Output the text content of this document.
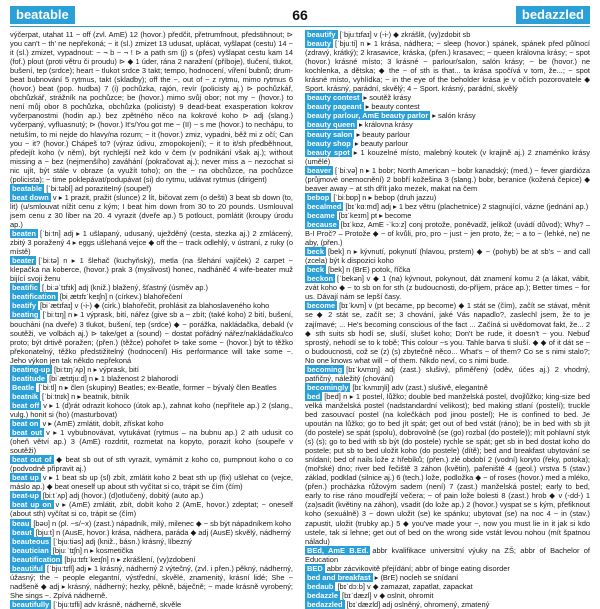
beatable	66	bedazzled

výčerpat, utahat 11 ~ off (zvl. AmE) 12 (hovor.) předčit, přetrumfnout, předstihnout; ⊳ you can't ~ th' ne nepřekoná; ~ it (sl.) zmizet 13 udusat, uplácat, vyšlapat (cestu) 14 ~ it (sl.) zmizet, vypadnout: ~ ¬ b ~ ¬ ! ⊳ a path sm (j) s (přes) vyšlapat cestu kam 14 (fof.) plout (proti větru či proudu) ⊳ ◆ 1 úder, rána 2 naražení (příboje), tlučení, tlukot, bušení, tep (srdce); heart ~ tlukot srdce 3 takt; tempo, hodnocení, víření bubnů; drum-beat bubnování 5 rytmus, takt (skladby); off the ~, out of ~ z rytmu, mimo rytmus 6 (hovor.) beat (pop. hudba) 7 (i) pochůzka, rajón, revír (policisty aj.) ⊳ pochůzkář, obchůzkář, strážník na pochůzce; be (hovor.) mimo svůj obor; not my ~ (hovor.) to není můj obor 8 pochůzka, obchůzka (policisty) 9 dead-beat exasperation kokrov vyčerpanostmi (hodin ap.) bez zpětného něco na kokrové koho ⊳ adj (slang.) vyčerpaný, vyfluasnutý; ⊳ (hovor.) It's/You got me ~ (II) ~ s me (hovor.) to nechápu, to netuším, to mi nejde do hlavy/na rozum; ~ it (hovor.) zmiz, vypadni, běž mi z očí; Can you ~ it? (hovor.) Chápeš to? (výraz údivu, zmopokojení); ~ it to it/sh předběhnout, předejít koho (v něm), být rychlejší než kdo v čem (v podnikání však aj.); without missing a ~ bez (nejmenšího) zaváhání (pokračovat aj.); never miss a ~ nezochat si nic ujít, být stále v obraze (a využít toho); on the ~ na obchůzce, na pochůzce (policista); ~ time poklepávat/podupávat (si) do rytmu, udávat rytmus (dirigent)

beatable [ˈbiːtəbl] ad poraziteIný (soupeř)

beat down v ▸ 1 prazit, pražit (slunce) 2 lít, bičovat zem (o dešti) 3 beat sb down (to, lit) (u/smlouvat nížit cenu z kým; I beat him down from 30 to 20 pounds. Usmlouval jsem cenu z 30 liber na 20. 4 vyrazit (dveře ap.) 5 potlouct, pomlátit (kroupy úrodu ap.)

beaten [ˈbiːtn] adj ▸ 1 ušlapaný, udusaný, uježděný (cesta, stezka aj.) 2 zmlácený, zbitý 3 poražený 4 ▸ eggs ušlehaná vejce ◆ off the ~ track odlehlý, v ústraní, z ruky (o místě)

beater [ˈbiːtə] n ▸ 1 šlehač (kuchyňský), metla (na šlehání vajíček) 2 carpet ~ klepačka na koberce, (hovor.) prak 3 (myslivost) honec, nadháněč 4 wife-beater muž bijící svoji ženu

beatific [ˌbiːəˈtɪfɪk] adj (kniž.) blažený, šťastný (úsměv ap.)

beatification [biˌætɪfɪˈkeɪʃn] n (církev.) blahořečení

beatify [biˈætɪfaɪ] v (-i-) ◆ (cirk.) blahořečit, prohlásit za blahoslaveného koho

beating [ˈbiːtɪŋ] n ▸ 1 výprask, bití, nářez (give sb a ~ zbít; (také koho) 2 bití, bušení, boucháni (na dveře) 3 tlukot, bušení, tep (srdce) ◆ ~ porážka, nakládačka, debakl (v soutěži, ve volbách aj.) ⊳ take/get a (sound) ~ dostat pořádný nářez/nakládačku/co proto; být drtivě poražen; (přen.) (těžce) pohořet ⊳ take some ~ (hovor.) být to těžko překonatelný, těžko předstižitelný (hodnocení) His performance will take some ~. Jeho výkon jen tak někdo nepřekoná

beating-up [biːtɪŋˈʌp] n ▸ výprask, bití

beatitude [biˈætɪtjuːd] n ▸ 1 blaženost 2 blahorodí

Beatle [ˈbiːtl] n ▸ člen (skupiny) Beatles; ex-Beatle, former ~ bývalý člen Beatles

beatnik [ˈbiːtnɪk] n ▸ beatnik, bitník

beat off v ▸ 1 (d)rát odrazit kohoco (útok ap.), zahnat koho (nepřítele ap.) 2 (slang., vulg.) honit si (ho) (masturbovat)

beat on v ▸ (AmE) zmlátit, dobít, zřískat koho

beat out v ▸ 1 vybubnovávat, vytukávat (rytmus – na bubnu ap.) 2 ath udusit co (oheň větví ap.) 3 (AmE) rozdrtit, rozmetat na kopyto, porazit koho (soupeře v soutěži)

beat out of ◆ beat sb out of sth vyrazit, vymámit z koho co, pumpnout koho o co (podvodně připravit aj.)

beat up v ▸ 1 beat sb up (sl) zbít, zmlátit koho 2 beat sth up (fix) ušlehat co (vejce, máslo ap.) ◆ beat oneself up about sth vyčítat si co, trápit se čím (čím)

beat-up [biːtˈʌp] adj (hovor.) (d)otlučený, dobitý (auto ap.)

beat up on v ▸ (AmE) zmlátit, zbít, dobít koho 2 (AmE, hovor.) zdeptat; ~ oneself (about sth) vyčítat si co, trápit se (čím)

beau [bəʊ] n (pl. ~s/~x) (zast.) nápadník, milý, milenec ◆ ~ sb být nápadníkem koho

beaut [bjuːt] n (AusE, hovor.) krása, nádhera, paráda ◆ adj (AusE) skvělý, nádherný

beauteous [ˈbjuːtiəs] adj (kniž., básn.) krásný, líbezný

beautician [bjuːˈtɪʃn] n ▸ kosmetička

beautification [bjuːtɪfɪˈkeɪʃn] n ▸ zkrášlení, (vy)zdobení

beautiful [ˈbjuːtɪfl] adj ▸ 1 krásný, nádherný 2 výtečný, (zvl. i přen.) pěkný, nádherný, úžasný; the ~ people elegantní, výstřední, skvělé, znamenitý, krásní lidé; She ~ nadšeně ◆ adj ▸ krásný, nádherný; hezky, pěkně, báječně; ~ made krásně vyrobený; She sings ~. Zpívá nádherně.

beautifully [ˈbjuːtɪfli] adv krásně, nádherně, skvěle

beautify [ˈbjuːtɪfaɪ] v (-i-) ◆ zkrášlit, (vy)zdobit sb

beauty [ˈbjuːti] n ▸ 1 krása, nádhera; ~ sleep (hovor.) spánek, spánek před půlnocí (zdravý, krátký); 2 krasavice, kráska, (přen.) krasavec; ~ queen královna krásy; ~ spot (hovor.) krásné místo; 3 krásné ~ parlour/salon, salón krásy; ~ be (hovor.) ne kochlenka, a dětska; ◆ the ~ of sth is that... ta krása spočívá v tom, že...; ~ spot krásné místo, vyhlídka; ~ in the eye of the beholder krása je v očích pozorovatele ◆ Sport. krásný, parádní, skvělý; 4 ~ Sport. krásný, parádní, skvělý

beauty contest ▸ soutěž krásy

beauty pageant ▸ beauty contest

beauty parlour, AmE beauty parlor ▸ salón krásy

beauty queen ▸ královna krásy

beauty salon ▸ beauty parlour

beauty shop ▸ beauty parlour

beauty spot ▸ 1 kouzelné místo, malebný koutek (v krajině aj.) 2 znaménko krásy (umělé)

beaver [ˈbiːvə] n ▸ 1 bobr; North American ~ bobr kanadský; (med.) ~ fever giardióza (průjmové onemocnění) 2 bobří kožešina 3 (slang.) bobr, beranice (kožená čepice) ◆ beaver away ~ at sth dřít jako mezek, makat na čem

bebop [ˈbiːbɒp] n ▸ bebop (druh jazzu)

becalmed [bɪˈkɑːmd] adj ▸ 1 bez větru (plachetnice) 2 stagnující, vázne (jednání ap.)

became [bɪˈkeɪm] pt ▸ become

because [bɪˈkɒz, AmE -ˈkɔːz] conj protože, poněvadž, jelikož (uvádí důvod); Why? – B-I Proč? – Protože ◆ ~ of kvůli, pro, pro ~ just ~ jen proto, že; ~ a to ~ (lehké, ne) ne aby, (přen.)

beck [bek] n ▸ kývnutí, pokynutí (hlavou, prstem) ◆ ~ (pohyb) be at sb's ~ and call (zcela) být k dispozici koho

beck [bek] n (BrE) potok, říčka

beckon [ˈbekən] v ◆ 1 (na) kývnout, pokynout, dát znamení komu 2 (a lákat, vábit, zvát koho ◆ ~ to sb on for sth (z budoucnosti, do-příjem, práce ap.); Better times ~ for us. Dávají nám se lepší časy.

become [bɪˈkʌm] v (pt became, pp become) ◆ 1 stát se (čím), začít se stávat, měnit se ◆ 2 stát se, začít se; 3 chování, jaké Vás napadlo?, zaslechl jsem, že to je zajímavé; ... He's becoming conscious of the fact ... Začíná si uvědomovat fakt, že... 2 ◆ sth suits sb hodí se, sluší, slušet koho; Don't be rude, it doesn't ~ you. Nebuď sprostý, nehodí se to k tobě; This colour ~s you. Tahle barva ti sluší. ◆ ◆ of it dát se ~ o budoucnosti, což se (z) (s) zbytečně něco... What's ~ of them? Co se s nimi stalo?; No one knows what will ~ of them. Nikdo neví, co s nimi bude.

becoming [bɪˈkʌmɪŋ] adj (zast.) slušivý, přiměřený (oděv, účes aj.) 2 vhodný, patřičný, náležitý (chování)

becomingly [bɪˈkʌmɪŋli] adv (zast.) slušivě, elegantně

bed [bed] n ▸ 1 postel, lůžko; double bed manželská postel, dvojlůžko; king-size bed velká manželská postel (nadstandardní velikost); bed making stlaní (postelí); truckle bed zasouvací postel (na kolečkách pod jinou postel); He is confined to bed. Je upoután na lůžko; go to bed jít spát; get out of bed vstát (ráno); be in bed with sb jít (do postele) se spát (spolu), dobrovolně (se (go) rozbal (do postele)); mít pohlavní styk (s) (s); go to bed with sb být (do postele) rychle se spát; get sb in bed dostat koho do postele; put sb to bed uložit koho (do postele) (dítě); bed and breakfast ubytování se snídaní; bed of nails lože z hřebíků; (přen.) zlé období 2 (vodní) koryto (řeky, potoka); (mořské) dno; river bed řečiště 3 záhon (květin), pařeniště 4 (geol.) vrstva 5 (stav.) základ, podklad (silnice aj.) 6 (tech.) lože, podložka ◆ ~ of roses (hovor.) med a mléko, (přen.) procházka růžovým sadem (není) 7 (zast.) manželská postel; early to bed, early to rise ráno moudřejší večera; ~ of pain lože bolesti 8 (zast.) hrob ◆ v (-dd-) 1 (za)sadit (květiny na záhon), vsadit (do lože ap.) 2 (hovor.) vyspat se s kým, přefiknout koho (sexuálně) 3 ~ down uložit (se) ke spánku; ubytovat (se) na noc 4 ~ in (stav.) zapustit, uložit (trubky ap.) 5 ◆ you've made your ~, now you must lie in it jak si kdo ustele, tak si lehne; get out of bed on the wrong side vstát levou nohou (mít špatnou náladu)

BEd, AmE B.Ed. abbr kvalifikace universitní výuky na ZŠ; abbr of Bachelor of Education

BED abbr zácvikovitě přejídání; abbr of binge eating disorder

bed and breakfast ▸ (BrE) nocleh se snídaní

bedaub [bɪˈdɔːb] v ◆ zamazat, zapatlat, zapackat

bedazzle [bɪˈdæzl] v ◆ oslnit, ohromit

bedazzled [bɪˈdæzld] adj oslněný, ohromený, zmatený
